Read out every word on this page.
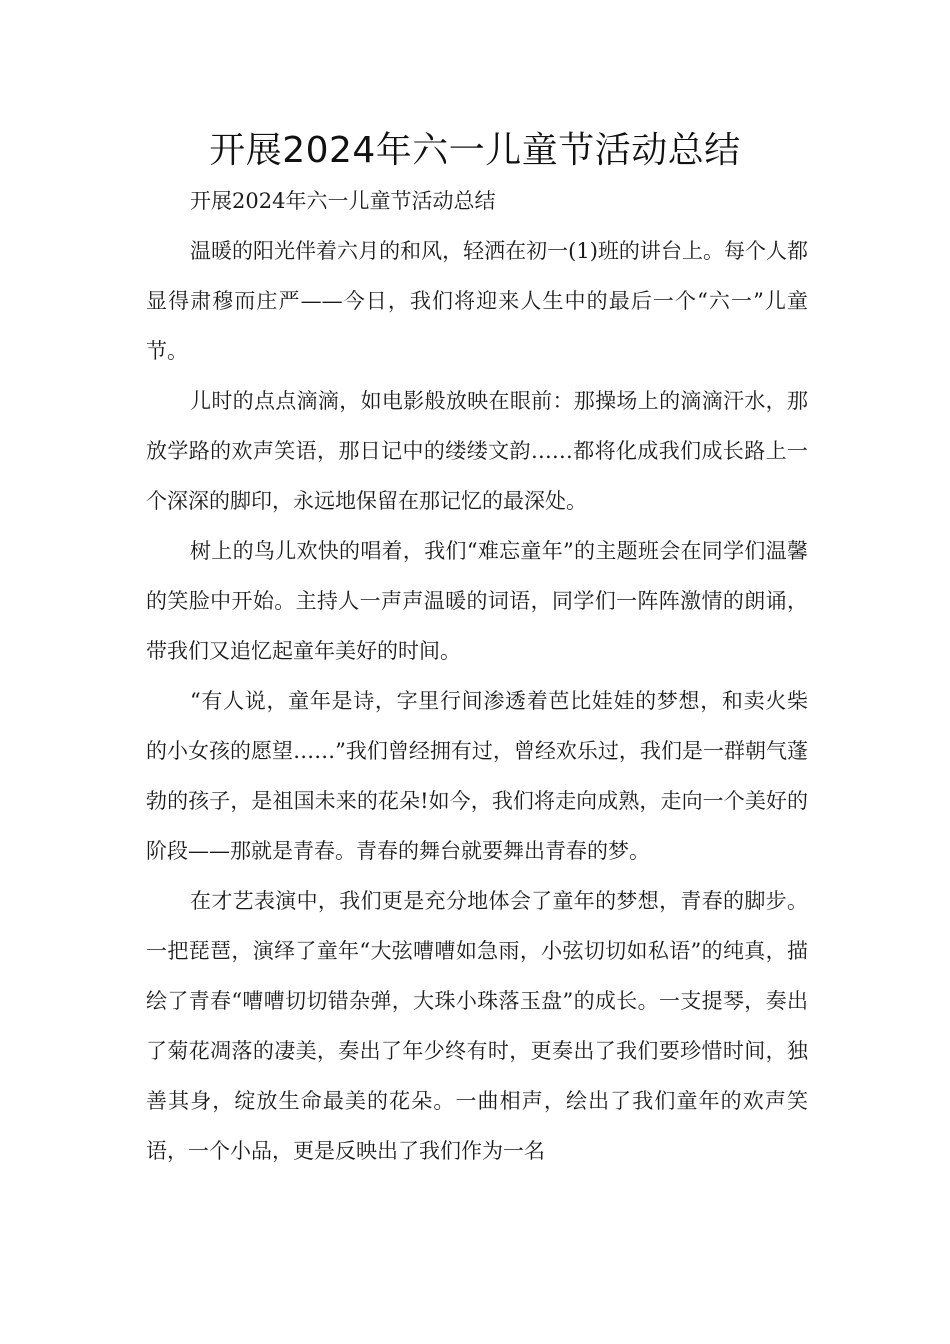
开展2024年六一儿童节活动总结

开展2024年六一儿童节活动总结

温暖的阳光伴着六月的和风，轻洒在初一(1)班的讲台上。每个人都显得肃穆而庄严——今日，我们将迎来人生中的最后一个“六一”儿童节。

儿时的点点滴滴，如电影般放映在眼前：那操场上的滴滴汗水，那放学路的欢声笑语，那日记中的缕缕文韵……都将化成我们成长路上一个深深的脚印，永远地保留在那记忆的最深处。

树上的鸟儿欢快的唱着，我们“难忘童年”的主题班会在同学们温馨的笑脸中开始。主持人一声声温暖的词语，同学们一阵阵激情的朗诵，带我们又追忆起童年美好的时间。

“有人说，童年是诗，字里行间渗透着芭比娃娃的梦想，和卖火柴的小女孩的愿望……”我们曾经拥有过，曾经欢乐过，我们是一群朝气蓬勃的孩子，是祖国未来的花朵!如今，我们将走向成熟，走向一个美好的阶段——那就是青春。青春的舞台就要舞出青春的梦。

在才艺表演中，我们更是充分地体会了童年的梦想，青春的脚步。一把琵琶，演绎了童年“大弦嘈嘈如急雨，小弦切切如私语”的纯真，描绘了青春“嘈嘈切切错杂弹，大珠小珠落玉盘”的成长。一支提琴，奏出了菊花凋落的凄美，奏出了年少终有时，更奏出了我们要珍惜时间，独善其身，绽放生命最美的花朵。一曲相声，绘出了我们童年的欢声笑语，一个小品，更是反映出了我们作为一名
